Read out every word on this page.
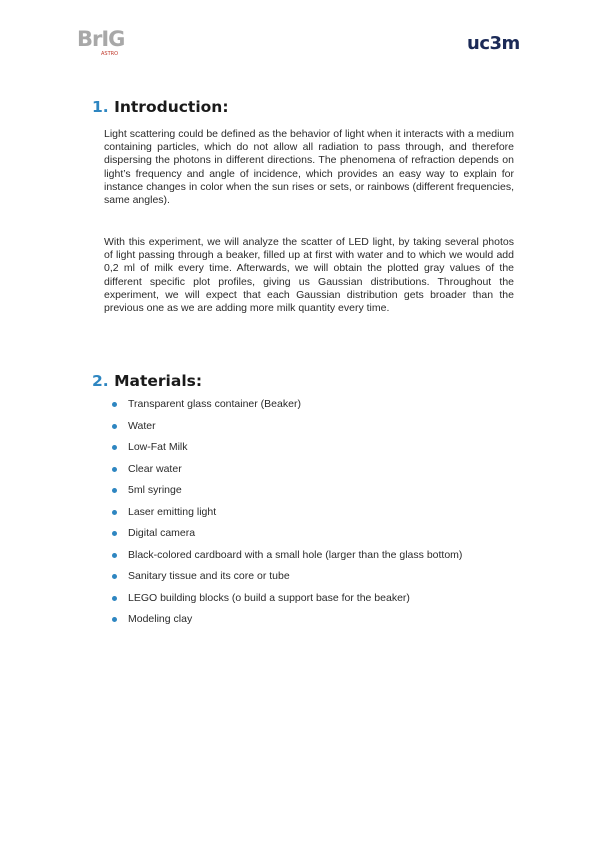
BrIG
ASTRO	uc3m
1. Introduction:

Light scattering could be defined as the behavior of light when it interacts with a medium containing particles, which do not allow all radiation to pass through, and therefore dispersing the photons in different directions. The phenomena of refraction depends on light’s frequency and angle of incidence, which provides an easy way to explain for instance changes in color when the sun rises or sets, or rainbows (different frequencies, same angles).

With this experiment, we will analyze the scatter of LED light, by taking several photos of light passing through a beaker, filled up at first with water and to which we would add 0,2 ml of milk every time. Afterwards, we will obtain the plotted gray values of the different specific plot profiles, giving us Gaussian distributions. Throughout the experiment, we will expect that each Gaussian distribution gets broader than the previous one as we are adding more milk quantity every time.

2. Materials:
Transparent glass container (Beaker)
Water
Low-Fat Milk
Clear water
5ml syringe
Laser emitting light
Digital camera
Black-colored cardboard with a small hole (larger than the glass bottom)
Sanitary tissue and its core or tube
LEGO building blocks (o build a support base for the beaker)
Modeling clay
